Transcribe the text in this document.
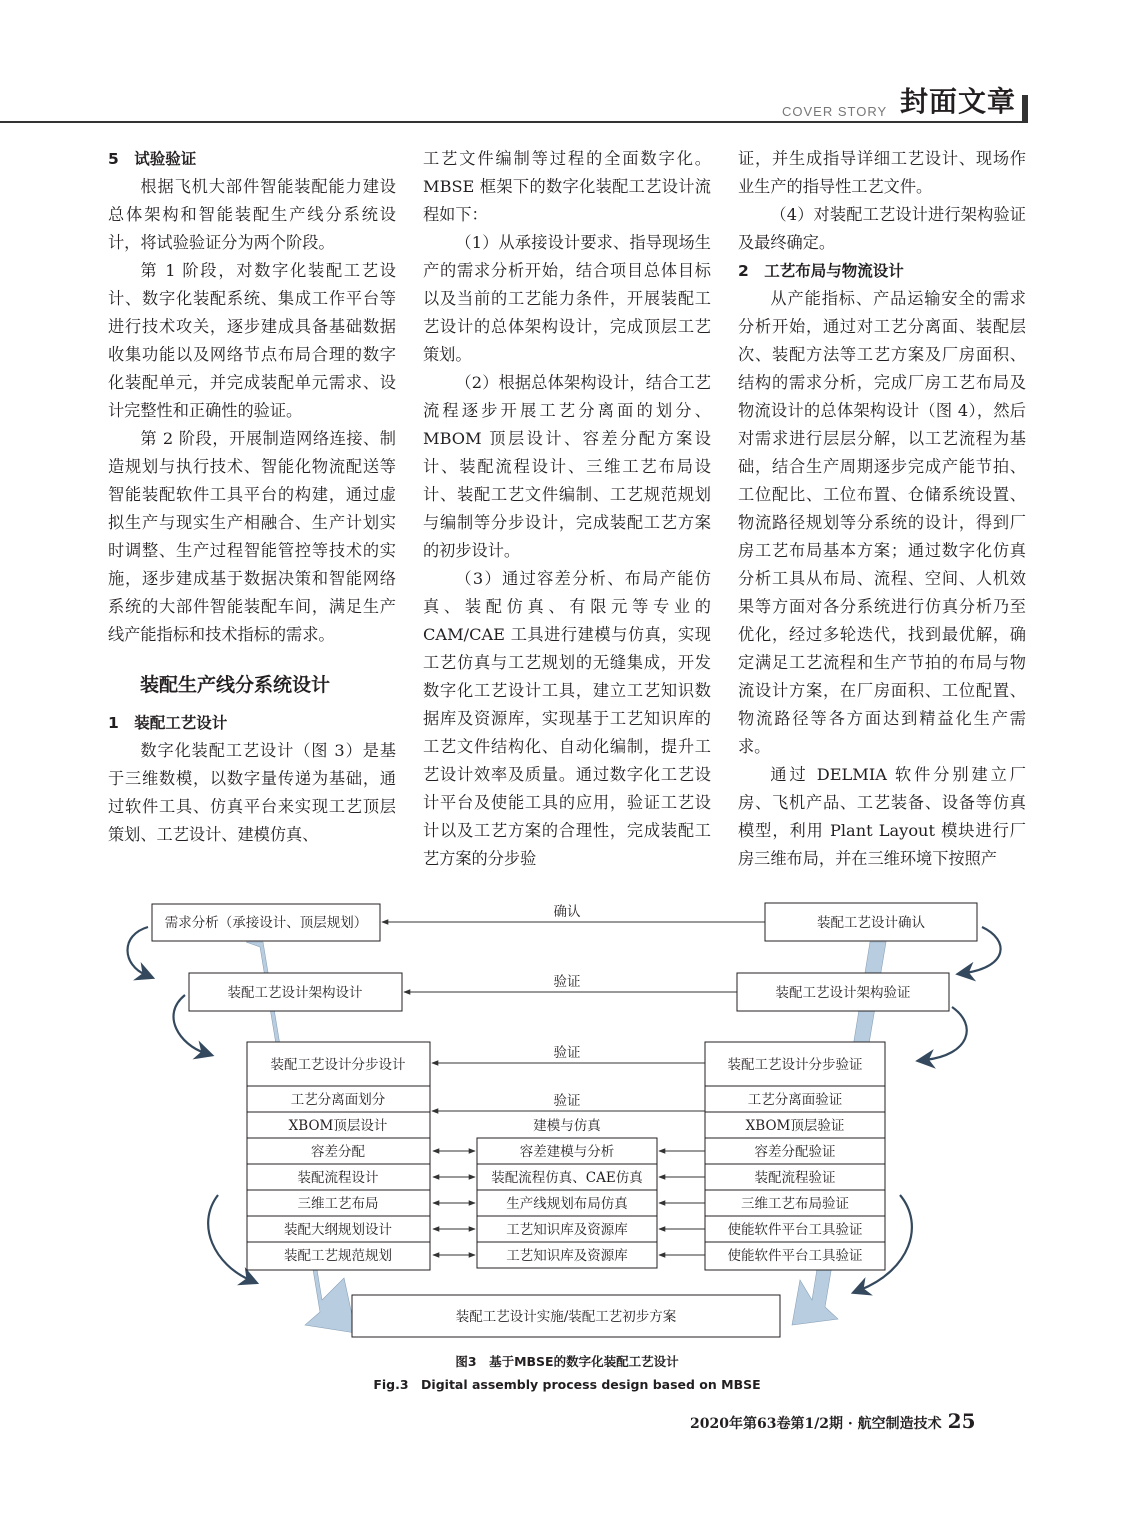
COVER STORY 封面文章

5　试验验证

根据飞机大部件智能装配能力建设总体架构和智能装配生产线分系统设计，将试验验证分为两个阶段。

第 1 阶段，对数字化装配工艺设计、数字化装配系统、集成工作平台等进行技术攻关，逐步建成具备基础数据收集功能以及网络节点布局合理的数字化装配单元，并完成装配单元需求、设计完整性和正确性的验证。

第 2 阶段，开展制造网络连接、制造规划与执行技术、智能化物流配送等智能装配软件工具平台的构建，通过虚拟生产与现实生产相融合、生产计划实时调整、生产过程智能管控等技术的实施，逐步建成基于数据决策和智能网络系统的大部件智能装配车间，满足生产线产能指标和技术指标的需求。

装配生产线分系统设计

1　装配工艺设计

数字化装配工艺设计（图 3）是基于三维数模，以数字量传递为基础，通过软件工具、仿真平台来实现工艺顶层策划、工艺设计、建模仿真、

工艺文件编制等过程的全面数字化。MBSE 框架下的数字化装配工艺设计流程如下：

（1）从承接设计要求、指导现场生产的需求分析开始，结合项目总体目标以及当前的工艺能力条件，开展装配工艺设计的总体架构设计，完成顶层工艺策划。

（2）根据总体架构设计，结合工艺流程逐步开展工艺分离面的划分、MBOM 顶层设计、容差分配方案设计、装配流程设计、三维工艺布局设计、装配工艺文件编制、工艺规范规划与编制等分步设计，完成装配工艺方案的初步设计。

（3）通过容差分析、布局产能仿真、装配仿真、有限元等专业的 CAM/CAE 工具进行建模与仿真，实现工艺仿真与工艺规划的无缝集成，开发数字化工艺设计工具，建立工艺知识数据库及资源库，实现基于工艺知识库的工艺文件结构化、自动化编制，提升工艺设计效率及质量。通过数字化工艺设计平台及使能工具的应用，验证工艺设计以及工艺方案的合理性，完成装配工艺方案的分步验

证，并生成指导详细工艺设计、现场作业生产的指导性工艺文件。

（4）对装配工艺设计进行架构验证及最终确定。

2　工艺布局与物流设计

从产能指标、产品运输安全的需求分析开始，通过对工艺分离面、装配层次、装配方法等工艺方案及厂房面积、结构的需求分析，完成厂房工艺布局及物流设计的总体架构设计（图 4），然后对需求进行层层分解，以工艺流程为基础，结合生产周期逐步完成产能节拍、工位配比、工位布置、仓储系统设置、物流路径规划等分系统的设计，得到厂房工艺布局基本方案；通过数字化仿真分析工具从布局、流程、空间、人机效果等方面对各分系统进行仿真分析乃至优化，经过多轮迭代，找到最优解，确定满足工艺流程和生产节拍的布局与物流设计方案，在厂房面积、工位配置、物流路径等各方面达到精益化生产需求。

通过 DELMIA 软件分别建立厂房、飞机产品、工艺装备、设备等仿真模型，利用 Plant Layout 模块进行厂房三维布局，并在三维环境下按照产

需求分析（承接设计、顶层规划）	装配工艺设计确认
装配工艺设计架构设计	装配工艺设计架构验证
装配工艺设计分步设计	装配工艺设计分步验证
确认
验证
验证
验证
建模与仿真
工艺分离面划分
XBOM顶层设计
容差分配
装配流程设计
三维工艺布局
装配大纲规划设计
装配工艺规范规划
容差建模与分析
装配流程仿真、CAE仿真
生产线规划布局仿真
工艺知识库及资源库
工艺知识库及资源库
工艺分离面验证
XBOM顶层验证
容差分配验证
装配流程验证
三维工艺布局验证
使能软件平台工具验证
使能软件平台工具验证
装配工艺设计实施/装配工艺初步方案
图3　基于MBSE的数字化装配工艺设计
Fig.3　Digital assembly process design based on MBSE
2020年第63卷第1/2期 · 航空制造技术 25
